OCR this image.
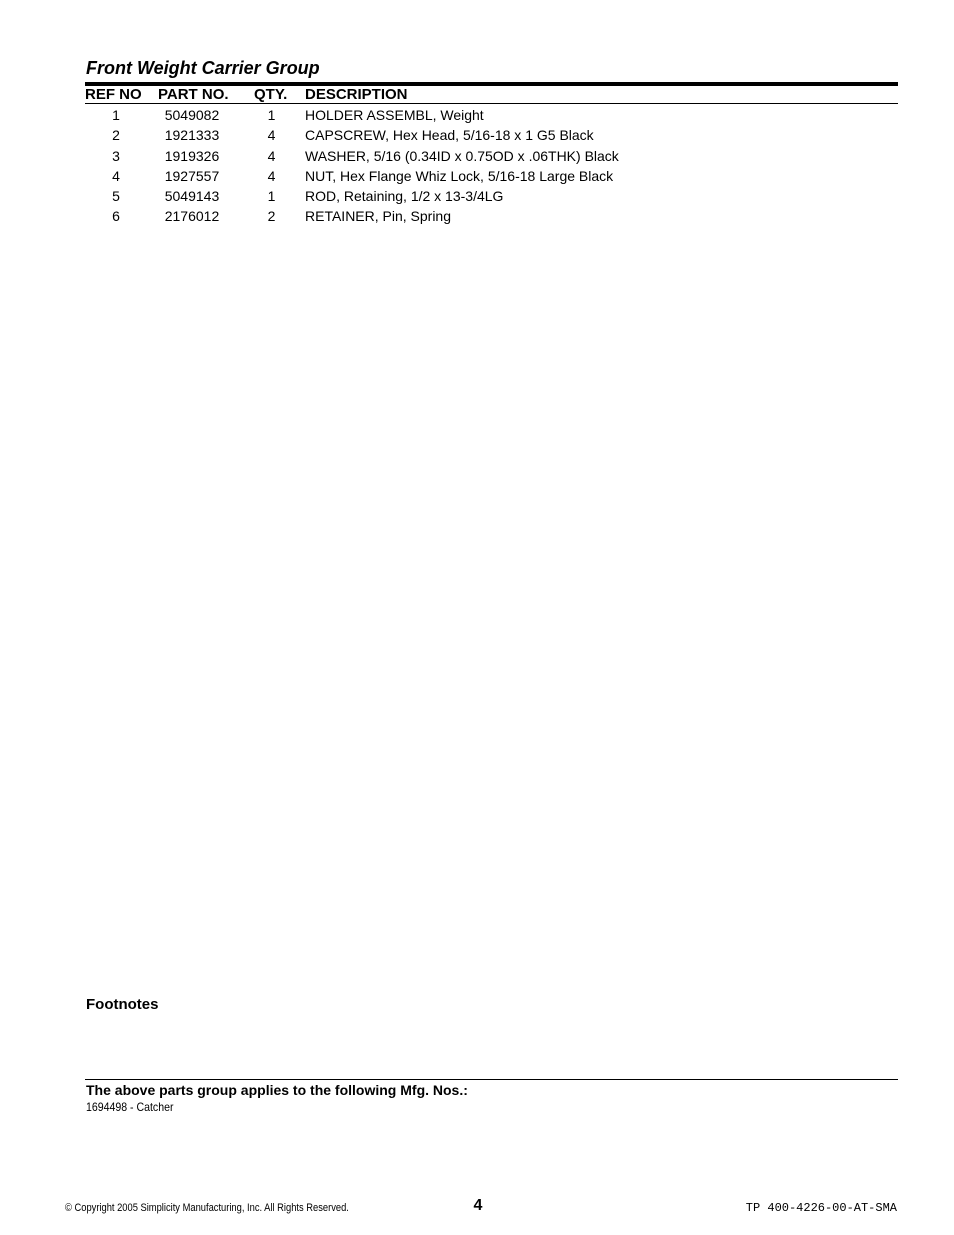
Front Weight Carrier Group
REF NO PART NO. QTY. DESCRIPTION
1	5049082	1	HOLDER ASSEMBL, Weight
2	1921333	4	CAPSCREW, Hex Head, 5/16-18 x 1 G5 Black
3	1919326	4	WASHER, 5/16 (0.34ID x 0.75OD x .06THK) Black
4	1927557	4	NUT, Hex Flange Whiz Lock, 5/16-18 Large Black
5	5049143	1	ROD, Retaining, 1/2 x 13-3/4LG
6	2176012	2	RETAINER, Pin, Spring
Footnotes
The above parts group applies to the following Mfg. Nos.:
1694498 - Catcher
© Copyright 2005 Simplicity Manufacturing, Inc. All Rights Reserved.	4	TP 400-4226-00-AT-SMA
